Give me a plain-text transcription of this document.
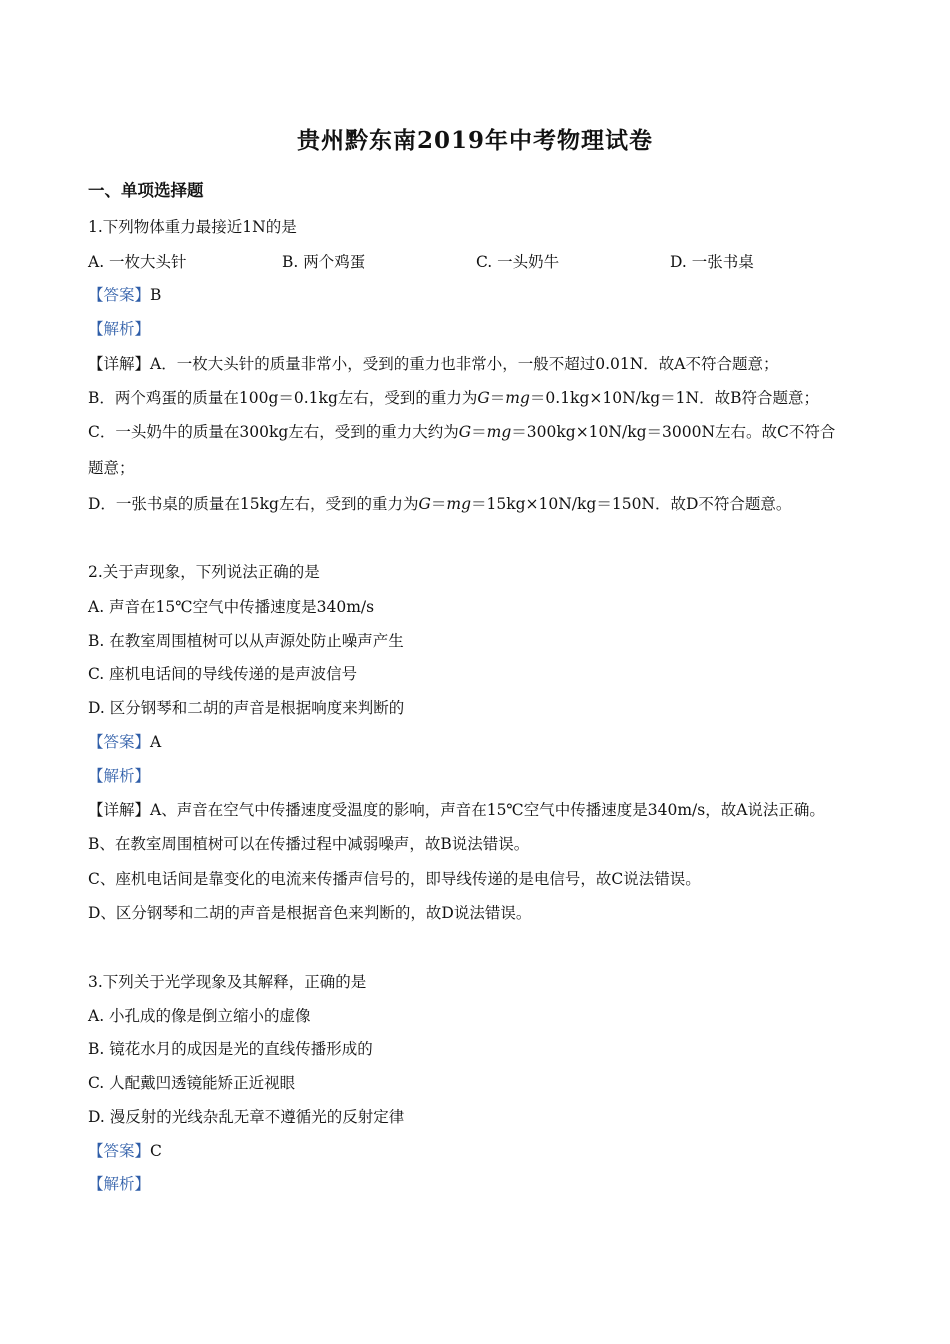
贵州黔东南2019年中考物理试卷
一、单项选择题
1.下列物体重力最接近1N的是
A. 一枚大头针	B. 两个鸡蛋	C. 一头奶牛	D. 一张书桌
【答案】B
【解析】
【详解】A．一枚大头针的质量非常小，受到的重力也非常小，一般不超过0.01N．故A不符合题意；
B．两个鸡蛋的质量在100g＝0.1kg左右，受到的重力为G＝mg＝0.1kg×10N/kg＝1N．故B符合题意；
C．一头奶牛的质量在300kg左右，受到的重力大约为G＝mg＝300kg×10N/kg＝3000N左右。故C不符合
题意；
D．一张书桌的质量在15kg左右，受到的重力为G＝mg＝15kg×10N/kg＝150N．故D不符合题意。
2.关于声现象，下列说法正确的是
A. 声音在15℃空气中传播速度是340m/s
B. 在教室周围植树可以从声源处防止噪声产生
C. 座机电话间的导线传递的是声波信号
D. 区分钢琴和二胡的声音是根据响度来判断的
【答案】A
【解析】
【详解】A、声音在空气中传播速度受温度的影响，声音在15℃空气中传播速度是340m/s，故A说法正确。
B、在教室周围植树可以在传播过程中减弱噪声，故B说法错误。
C、座机电话间是靠变化的电流来传播声信号的，即导线传递的是电信号，故C说法错误。
D、区分钢琴和二胡的声音是根据音色来判断的，故D说法错误。
3.下列关于光学现象及其解释，正确的是
A. 小孔成的像是倒立缩小的虚像
B. 镜花水月的成因是光的直线传播形成的
C. 人配戴凹透镜能矫正近视眼
D. 漫反射的光线杂乱无章不遵循光的反射定律
【答案】C
【解析】
